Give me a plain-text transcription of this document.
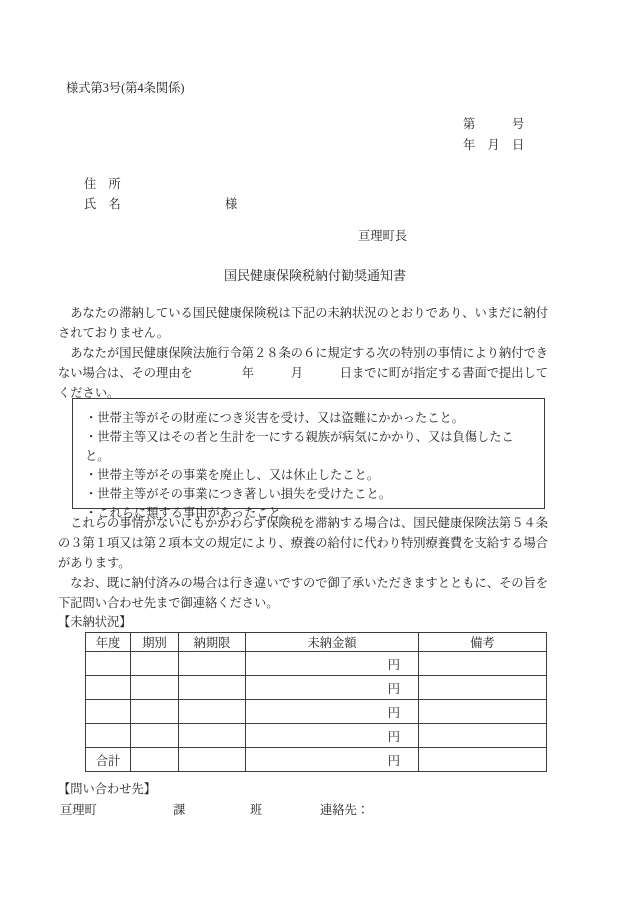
様式第3号(第4条関係)
第　　　号
年　月　日
住　所
氏　名	様
亘理町長
国民健康保険税納付勧奨通知書
あなたの滞納している国民健康保険税は下記の未納状況のとおりであり、いまだに納付されておりません。
あなたが国民健康保険法施行令第２８条の６に規定する次の特別の事情により納付できない場合は、その理由を　　　　年　　　月　　　日までに町が指定する書面で提出してください。
・世帯主等がその財産につき災害を受け、又は盗難にかかったこと。
・世帯主等又はその者と生計を一にする親族が病気にかかり、又は負傷したこと。
・世帯主等がその事業を廃止し、又は休止したこと。
・世帯主等がその事業につき著しい損失を受けたこと。
・これらに類する事由があったこと。
これらの事情がないにもかかわらず保険税を滞納する場合は、国民健康保険法第５４条の３第１項又は第２項本文の規定により、療養の給付に代わり特別療養費を支給する場合があります。
なお、既に納付済みの場合は行き違いですので御了承いただきますとともに、その旨を下記問い合わせ先まで御連絡ください。
【未納状況】
年度	期別	納期限	未納金額	備考
			円	
			円	
			円	
			円	
合計			円	
【問い合わせ先】
亘理町	課	班	連絡先：
